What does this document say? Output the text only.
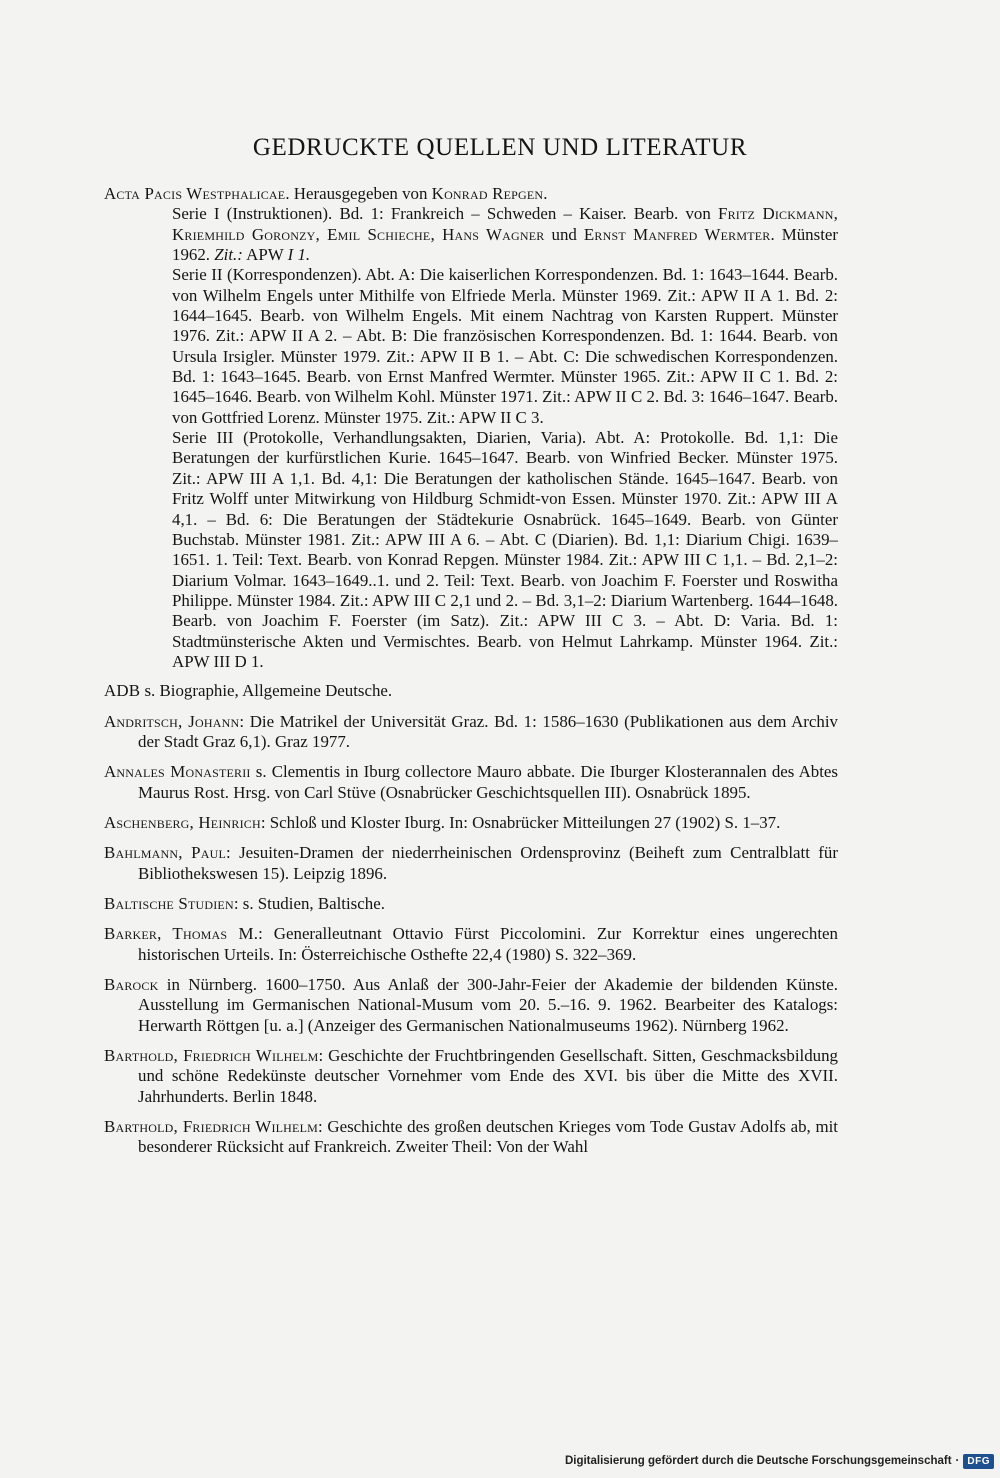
GEDRUCKTE QUELLEN UND LITERATUR
Acta Pacis Westphalicae. Herausgegeben von Konrad Repgen.

Serie I (Instruktionen). Bd. 1: Frankreich – Schweden – Kaiser. Bearb. von Fritz Dickmann, Kriemhild Goronzy, Emil Schieche, Hans Wagner und Ernst Manfred Wermter. Münster 1962. Zit.: APW I 1.

Serie II (Korrespondenzen). Abt. A: Die kaiserlichen Korrespondenzen. Bd. 1: 1643–1644. Bearb. von Wilhelm Engels unter Mithilfe von Elfriede Merla. Münster 1969. Zit.: APW II A 1. Bd. 2: 1644–1645. Bearb. von Wilhelm Engels. Mit einem Nachtrag von Karsten Ruppert. Münster 1976. Zit.: APW II A 2. – Abt. B: Die französischen Korrespondenzen. Bd. 1: 1644. Bearb. von Ursula Irsigler. Münster 1979. Zit.: APW II B 1. – Abt. C: Die schwedischen Korrespondenzen. Bd. 1: 1643–1645. Bearb. von Ernst Manfred Wermter. Münster 1965. Zit.: APW II C 1. Bd. 2: 1645–1646. Bearb. von Wilhelm Kohl. Münster 1971. Zit.: APW II C 2. Bd. 3: 1646–1647. Bearb. von Gottfried Lorenz. Münster 1975. Zit.: APW II C 3.

Serie III (Protokolle, Verhandlungsakten, Diarien, Varia). Abt. A: Protokolle. Bd. 1,1: Die Beratungen der kurfürstlichen Kurie. 1645–1647. Bearb. von Winfried Becker. Münster 1975. Zit.: APW III A 1,1. Bd. 4,1: Die Beratungen der katholischen Stände. 1645–1647. Bearb. von Fritz Wolff unter Mitwirkung von Hildburg Schmidt-von Essen. Münster 1970. Zit.: APW III A 4,1. – Bd. 6: Die Beratungen der Städtekurie Osnabrück. 1645–1649. Bearb. von Günter Buchstab. Münster 1981. Zit.: APW III A 6. – Abt. C (Diarien). Bd. 1,1: Diarium Chigi. 1639–1651. 1. Teil: Text. Bearb. von Konrad Repgen. Münster 1984. Zit.: APW III C 1,1. – Bd. 2,1–2: Diarium Volmar. 1643–1649..1. und 2. Teil: Text. Bearb. von Joachim F. Foerster und Roswitha Philippe. Münster 1984. Zit.: APW III C 2,1 und 2. – Bd. 3,1–2: Diarium Wartenberg. 1644–1648. Bearb. von Joachim F. Foerster (im Satz). Zit.: APW III C 3. – Abt. D: Varia. Bd. 1: Stadtmünsterische Akten und Vermischtes. Bearb. von Helmut Lahrkamp. Münster 1964. Zit.: APW III D 1.

ADB s. Biographie, Allgemeine Deutsche.

Andritsch, Johann: Die Matrikel der Universität Graz. Bd. 1: 1586–1630 (Publikationen aus dem Archiv der Stadt Graz 6,1). Graz 1977.

Annales Monasterii s. Clementis in Iburg collectore Mauro abbate. Die Iburger Klosterannalen des Abtes Maurus Rost. Hrsg. von Carl Stüve (Osnabrücker Geschichtsquellen III). Osnabrück 1895.

Aschenberg, Heinrich: Schloß und Kloster Iburg. In: Osnabrücker Mitteilungen 27 (1902) S. 1–37.

Bahlmann, Paul: Jesuiten-Dramen der niederrheinischen Ordensprovinz (Beiheft zum Centralblatt für Bibliothekswesen 15). Leipzig 1896.

Baltische Studien: s. Studien, Baltische.

Barker, Thomas M.: Generalleutnant Ottavio Fürst Piccolomini. Zur Korrektur eines ungerechten historischen Urteils. In: Österreichische Osthefte 22,4 (1980) S. 322–369.

Barock in Nürnberg. 1600–1750. Aus Anlaß der 300-Jahr-Feier der Akademie der bildenden Künste. Ausstellung im Germanischen National-Musum vom 20. 5.–16. 9. 1962. Bearbeiter des Katalogs: Herwarth Röttgen [u. a.] (Anzeiger des Germanischen Nationalmuseums 1962). Nürnberg 1962.

Barthold, Friedrich Wilhelm: Geschichte der Fruchtbringenden Gesellschaft. Sitten, Geschmacksbildung und schöne Redekünste deutscher Vornehmer vom Ende des XVI. bis über die Mitte des XVII. Jahrhunderts. Berlin 1848.

Barthold, Friedrich Wilhelm: Geschichte des großen deutschen Krieges vom Tode Gustav Adolfs ab, mit besonderer Rücksicht auf Frankreich. Zweiter Theil: Von der Wahl

Digitalisierung gefördert durch die Deutsche Forschungsgemeinschaft · DFG
